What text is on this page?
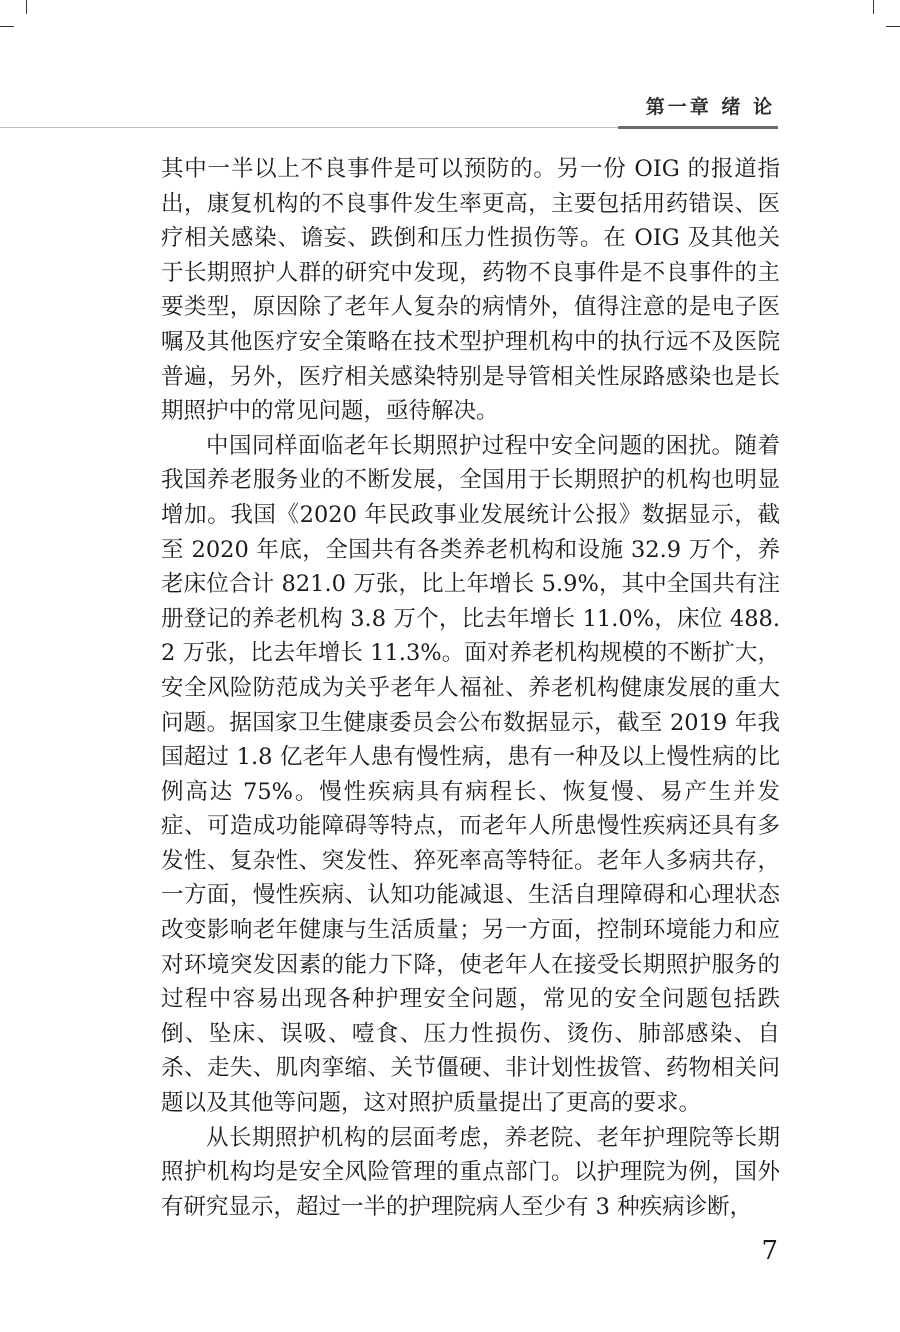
第一章 绪 论

其中一半以上不良事件是可以预防的。另一份 OIG 的报道指出，康复机构的不良事件发生率更高，主要包括用药错误、医疗相关感染、谵妄、跌倒和压力性损伤等。在 OIG 及其他关于长期照护人群的研究中发现，药物不良事件是不良事件的主要类型，原因除了老年人复杂的病情外，值得注意的是电子医嘱及其他医疗安全策略在技术型护理机构中的执行远不及医院普遍，另外，医疗相关感染特别是导管相关性尿路感染也是长期照护中的常见问题，亟待解决。

中国同样面临老年长期照护过程中安全问题的困扰。随着我国养老服务业的不断发展，全国用于长期照护的机构也明显增加。我国《2020 年民政事业发展统计公报》数据显示，截至 2020 年底，全国共有各类养老机构和设施 32.9 万个，养老床位合计 821.0 万张，比上年增长 5.9%，其中全国共有注册登记的养老机构 3.8 万个，比去年增长 11.0%，床位 488.2 万张，比去年增长 11.3%。面对养老机构规模的不断扩大，安全风险防范成为关乎老年人福祉、养老机构健康发展的重大问题。据国家卫生健康委员会公布数据显示，截至 2019 年我国超过 1.8 亿老年人患有慢性病，患有一种及以上慢性病的比例高达 75%。慢性疾病具有病程长、恢复慢、易产生并发症、可造成功能障碍等特点，而老年人所患慢性疾病还具有多发性、复杂性、突发性、猝死率高等特征。老年人多病共存，一方面，慢性疾病、认知功能减退、生活自理障碍和心理状态改变影响老年健康与生活质量；另一方面，控制环境能力和应对环境突发因素的能力下降，使老年人在接受长期照护服务的过程中容易出现各种护理安全问题，常见的安全问题包括跌倒、坠床、误吸、噎食、压力性损伤、烫伤、肺部感染、自杀、走失、肌肉挛缩、关节僵硬、非计划性拔管、药物相关问题以及其他等问题，这对照护质量提出了更高的要求。

从长期照护机构的层面考虑，养老院、老年护理院等长期照护机构均是安全风险管理的重点部门。以护理院为例，国外有研究显示，超过一半的护理院病人至少有 3 种疾病诊断，

7
